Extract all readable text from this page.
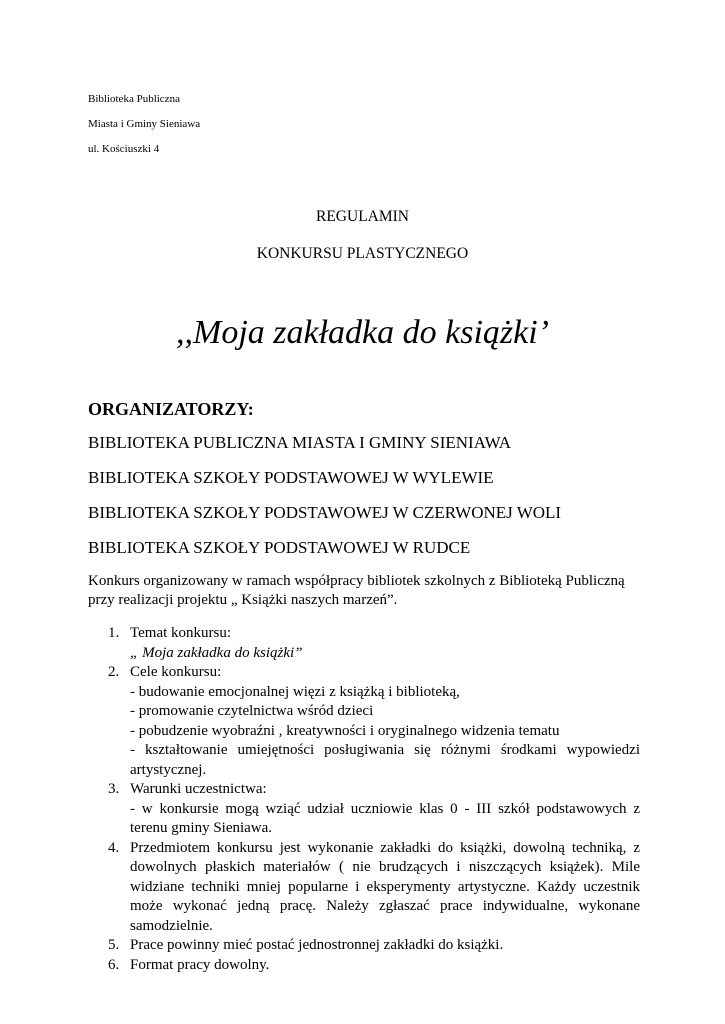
Biblioteka Publiczna
Miasta i Gminy Sieniawa
ul. Kościuszki 4
REGULAMIN
KONKURSU PLASTYCZNEGO
,,Moja zakładka do książki’
ORGANIZATORZY:
BIBLIOTEKA PUBLICZNA MIASTA I GMINY SIENIAWA
BIBLIOTEKA SZKOŁY PODSTAWOWEJ W WYLEWIE
BIBLIOTEKA SZKOŁY PODSTAWOWEJ W CZERWONEJ WOLI
BIBLIOTEKA SZKOŁY PODSTAWOWEJ W RUDCE
Konkurs organizowany w ramach współpracy bibliotek szkolnych z Biblioteką Publiczną
przy realizacji projektu „ Książki naszych marzeń”.
1. Temat konkursu:
„ Moja zakładka do książki”
2. Cele konkursu:
- budowanie emocjonalnej więzi z książką i biblioteką,
- promowanie czytelnictwa wśród dzieci
- pobudzenie wyobraźni , kreatywności i oryginalnego widzenia tematu
- kształtowanie umiejętności posługiwania się różnymi środkami wypowiedzi artystycznej.
3. Warunki uczestnictwa:
- w konkursie mogą wziąć udział uczniowie klas 0 - III szkół podstawowych z terenu gminy Sieniawa.
4. Przedmiotem konkursu jest wykonanie zakładki do książki, dowolną techniką, z dowolnych płaskich materiałów ( nie brudzących i niszczących książek). Mile widziane techniki mniej popularne i eksperymenty artystyczne. Każdy uczestnik może wykonać jedną pracę. Należy zgłaszać prace indywidualne, wykonane samodzielnie.
5. Prace powinny mieć postać jednostronnej zakładki do książki.
6. Format pracy dowolny.
